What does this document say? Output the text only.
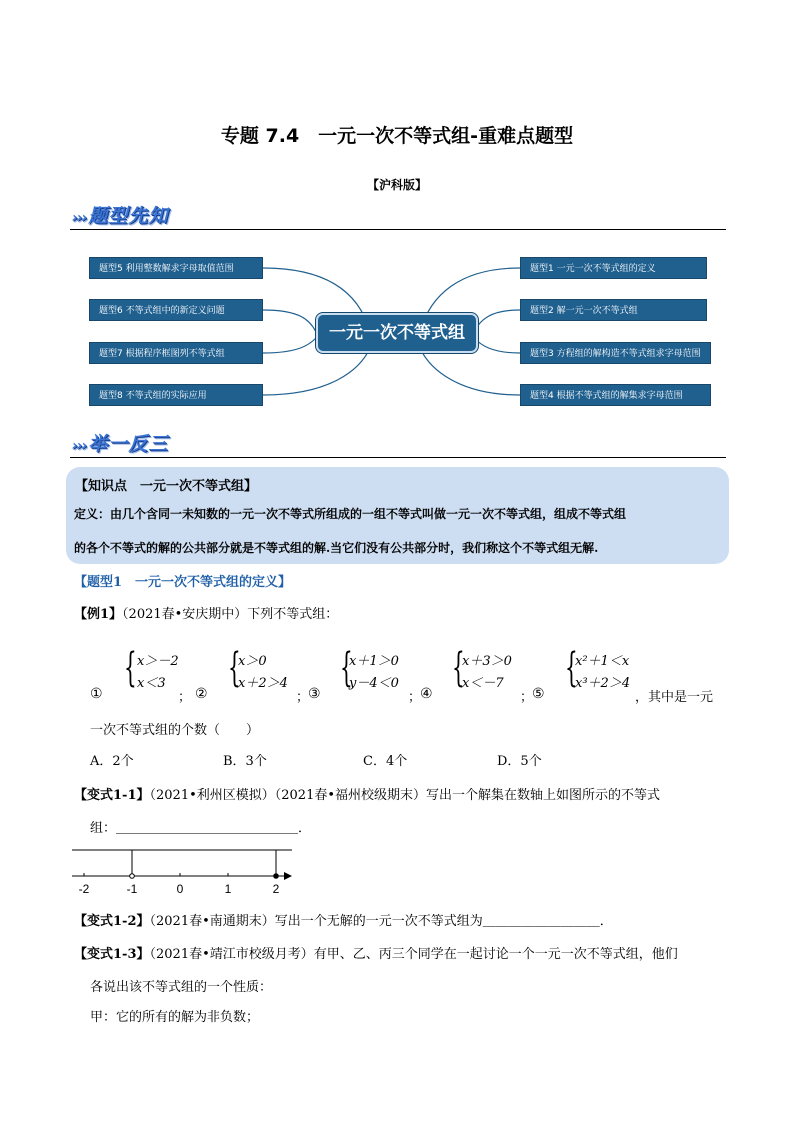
专题 7.4　一元一次不等式组-重难点题型
【沪科版】
››› 题型先知
题型5 利用整数解求字母取值范围
题型6 不等式组中的新定义问题
题型7 根据程序框图列不等式组
题型8 不等式组的实际应用
一元一次不等式组
题型1 一元一次不等式组的定义
题型2 解一元一次不等式组
题型3 方程组的解构造不等式组求字母范围
题型4 根据不等式组的解集求字母范围
››› 举一反三
【知识点　一元一次不等式组】
定义：由几个含同一未知数的一元一次不等式所组成的一组不等式叫做一元一次不等式组，组成不等式组
的各个不等式的解的公共部分就是不等式组的解.当它们没有公共部分时，我们称这个不等式组无解.
【题型1　一元一次不等式组的定义】
【例1】（2021春•安庆期中）下列不等式组：
①
{ x＞－2
x＜3
； ②
{
x＞0
x＋2＞4
；
③
{
x＋1＞0
y－4＜0
；
④
{
x＋3＞0
x＜－7
；
⑤
{
x²＋1＜x
x³＋2＞4
，其中是一元
一次不等式组的个数（　　）
A．2个	B．3个	C．4个	D．5个
【变式1-1】（2021•利州区模拟）（2021春•福州校级期末）写出一个解集在数轴上如图所示的不等式
组：＿＿＿＿＿＿＿＿＿＿＿＿＿＿．
-2	-1	0	1	2
【变式1-2】（2021春•南通期末）写出一个无解的一元一次不等式组为＿＿＿＿＿＿＿＿＿．
【变式1-3】（2021春•靖江市校级月考）有甲、乙、丙三个同学在一起讨论一个一元一次不等式组，他们
各说出该不等式组的一个性质：
甲：它的所有的解为非负数；
